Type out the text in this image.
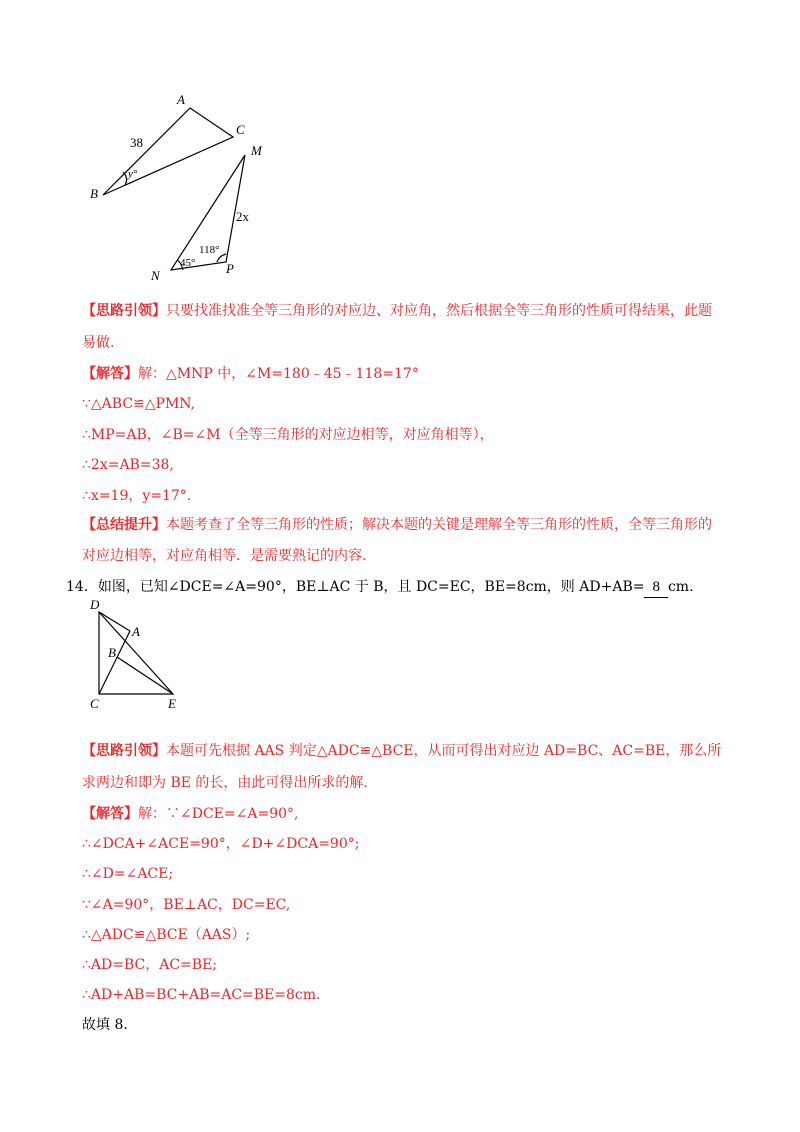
A
C
B
38
y°
M
2x
118°
45°
N	P
【思路引领】只要找准找准全等三角形的对应边、对应角，然后根据全等三角形的性质可得结果，此题
易做.
【解答】解：△MNP 中，∠M=180﹣45﹣118=17°
∵△ABC≌△PMN,
∴MP=AB，∠B=∠M（全等三角形的对应边相等，对应角相等），
∴2x=AB=38,
∴x=19，y=17°.
【总结提升】本题考查了全等三角形的性质；解决本题的关键是理解全等三角形的性质，全等三角形的
对应边相等，对应角相等．是需要熟记的内容.
14．如图，已知∠DCE=∠A=90°，BE⊥AC 于 B，且 DC=EC，BE=8cm，则 AD+AB= 8 cm.
D
A
B
C	E
【思路引领】本题可先根据 AAS 判定△ADC≌△BCE，从而可得出对应边 AD=BC、AC=BE，那么所
求两边和即为 BE 的长，由此可得出所求的解.
【解答】解：∵∠DCE=∠A=90°,
∴∠DCA+∠ACE=90°，∠D+∠DCA=90°;
∴∠D=∠ACE;
∵∠A=90°，BE⊥AC，DC=EC,
∴△ADC≌△BCE（AAS）;
∴AD=BC，AC=BE;
∴AD+AB=BC+AB=AC=BE=8cm.
故填 8.
